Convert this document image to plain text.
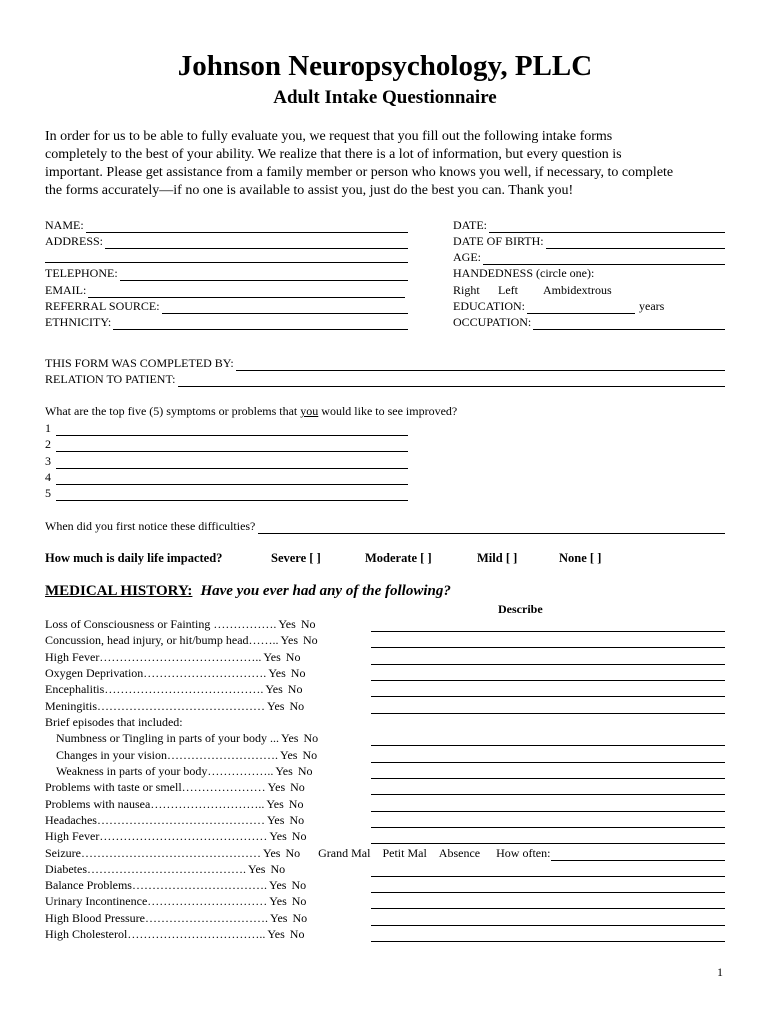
Johnson Neuropsychology, PLLC
Adult Intake Questionnaire
In order for us to be able to fully evaluate you, we request that you fill out the following intake forms
completely to the best of your ability. We realize that there is a lot of information, but every question is
important. Please get assistance from a family member or person who knows you well, if necessary, to complete
the forms accurately—if no one is available to assist you, just do the best you can. Thank you!
NAME:
ADDRESS:
TELEPHONE:
EMAIL:
REFERRAL SOURCE:
ETHNICITY:
DATE:
DATE OF BIRTH:
AGE:
HANDEDNESS (circle one):
Right Left Ambidextrous
EDUCATION:	years
OCCUPATION:
THIS FORM WAS COMPLETED BY:
RELATION TO PATIENT:
What are the top five (5) symptoms or problems that you would like to see improved?
1
2
3
4
5
When did you first notice these difficulties?
How much is daily life impacted?	Severe [ ]	Moderate [ ]	Mild [ ]	None [ ]
MEDICAL HISTORY: Have you ever had any of the following?
Describe
Loss of Consciousness or Fainting ……………. Yes No
Concussion, head injury, or hit/bump head…….. Yes No
High Fever………………………………….. Yes No
Oxygen Deprivation…………………………. Yes No
Encephalitis…………………………………. Yes No
Meningitis…………………………………… Yes No
Brief episodes that included:
Numbness or Tingling in parts of your body ... Yes No
Changes in your vision………………………. Yes No
Weakness in parts of your body…………….. Yes No
Problems with taste or smell………………… Yes No
Problems with nausea……………………….. Yes No
Headaches…………………………………… Yes No
High Fever…………………………………… Yes No
Seizure……………………………………… Yes No Grand Mal Petit Mal Absence How often:
Diabetes…………………………………. Yes No
Balance Problems……………………………. Yes No
Urinary Incontinence………………………… Yes No
High Blood Pressure…………………………. Yes No
High Cholesterol…………………………….. Yes No
1
